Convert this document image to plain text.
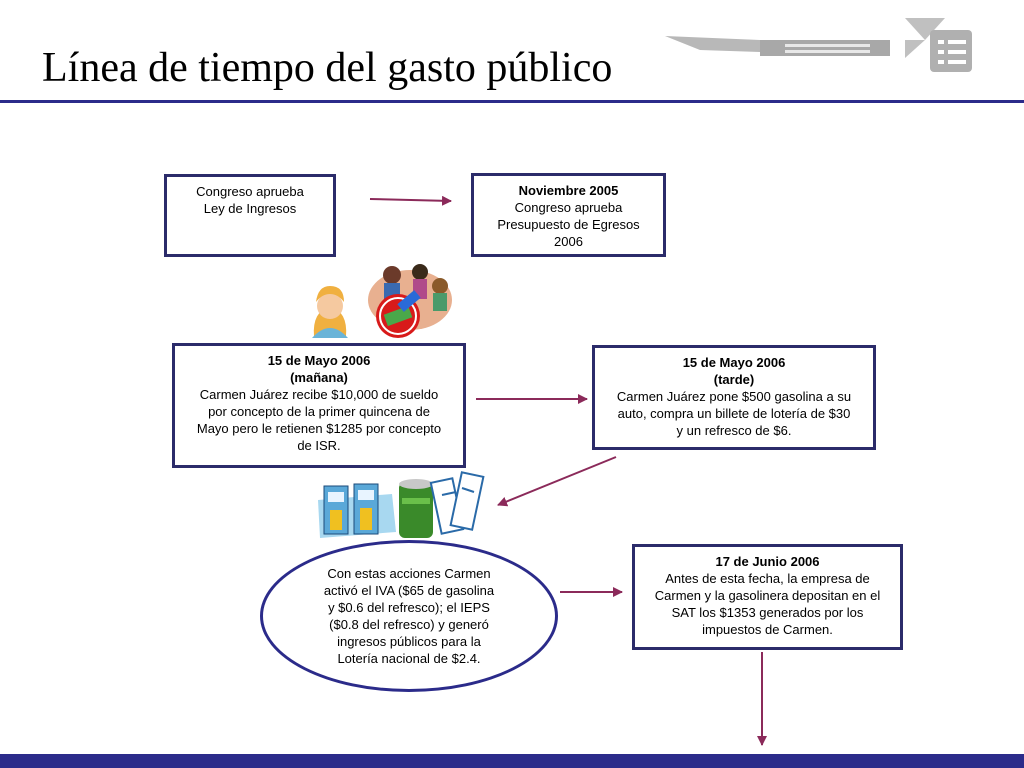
Línea de tiempo del gasto público
Congreso aprueba
Ley de Ingresos
Noviembre 2005
Congreso aprueba
Presupuesto de Egresos
2006
15 de Mayo 2006
(mañana)
Carmen Juárez recibe $10,000 de sueldo
por concepto de la primer quincena de
Mayo pero le retienen $1285 por concepto
de ISR.
15 de Mayo 2006
(tarde)
Carmen Juárez pone $500 gasolina a su
auto, compra un billete de lotería de $30
y un refresco de $6.
Con estas acciones Carmen
activó el IVA ($65 de gasolina
y $0.6 del refresco); el IEPS
($0.8 del refresco) y generó
ingresos públicos para la
Lotería nacional de $2.4.
17 de Junio 2006
Antes de esta fecha, la empresa de
Carmen y la gasolinera depositan en el
SAT los $1353 generados por los
impuestos de Carmen.
